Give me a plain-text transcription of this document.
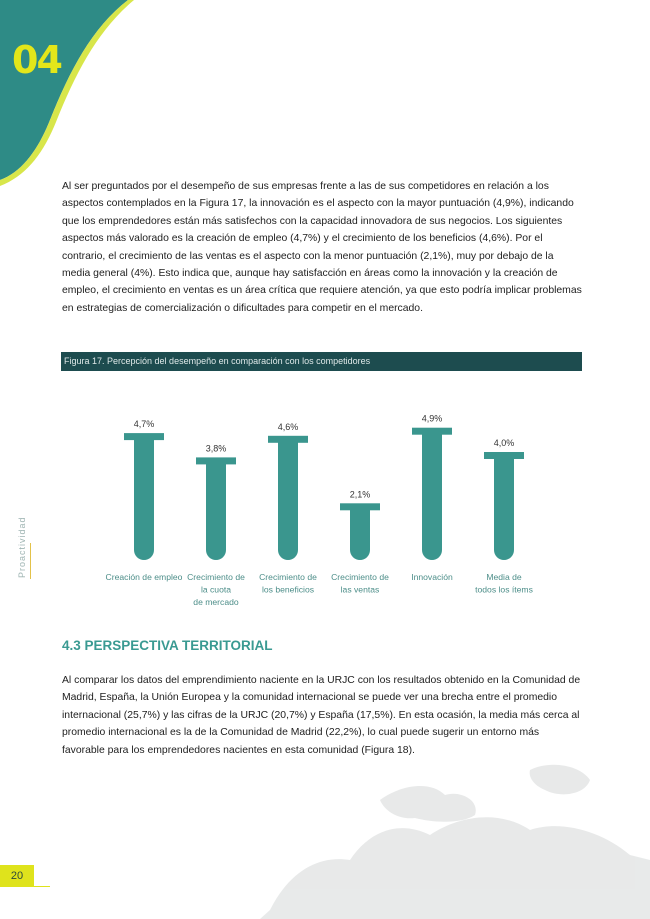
04
Proactividad
Al ser preguntados por el desempeño de sus empresas frente a las de sus competidores en relación a los aspectos contemplados en la Figura 17, la innovación es el aspecto con la mayor puntuación (4,9%), indicando que los emprendedores están más satisfechos con la capacidad innovadora de sus negocios. Los siguientes aspectos más valorado es la creación de empleo (4,7%) y el crecimiento de los beneficios (4,6%). Por el contrario, el crecimiento de las ventas es el aspecto con la menor puntuación (2,1%), muy por debajo de la media general (4%). Esto indica que, aunque hay satisfacción en áreas como la innovación y la creación de empleo, el crecimiento en ventas es un área crítica que requiere atención, ya que esto podría implicar problemas en estrategias de comercialización o dificultades para competir en el mercado.
Figura 17. Percepción del desempeño en comparación con los competidores
4,7%
Creación de empleo
3,8%
Crecimiento de la cuota de mercado
4,6%
Crecimiento de los beneficios
2,1%
Crecimiento de las ventas
4,9%
Innovación
4,0%
Media de todos los ítems
4.3 PERSPECTIVA TERRITORIAL
Al comparar los datos del emprendimiento naciente en la URJC con los resultados obtenido en la Comunidad de Madrid, España, la Unión Europea y la comunidad internacional se puede ver una brecha entre el promedio internacional (25,7%) y las cifras de la URJC (20,7%) y España (17,5%). En esta ocasión, la media más cerca al promedio internacional es la de la Comunidad de Madrid (22,2%), lo cual puede sugerir un entorno más favorable para los emprendedores nacientes en esta comunidad (Figura 18).
20
